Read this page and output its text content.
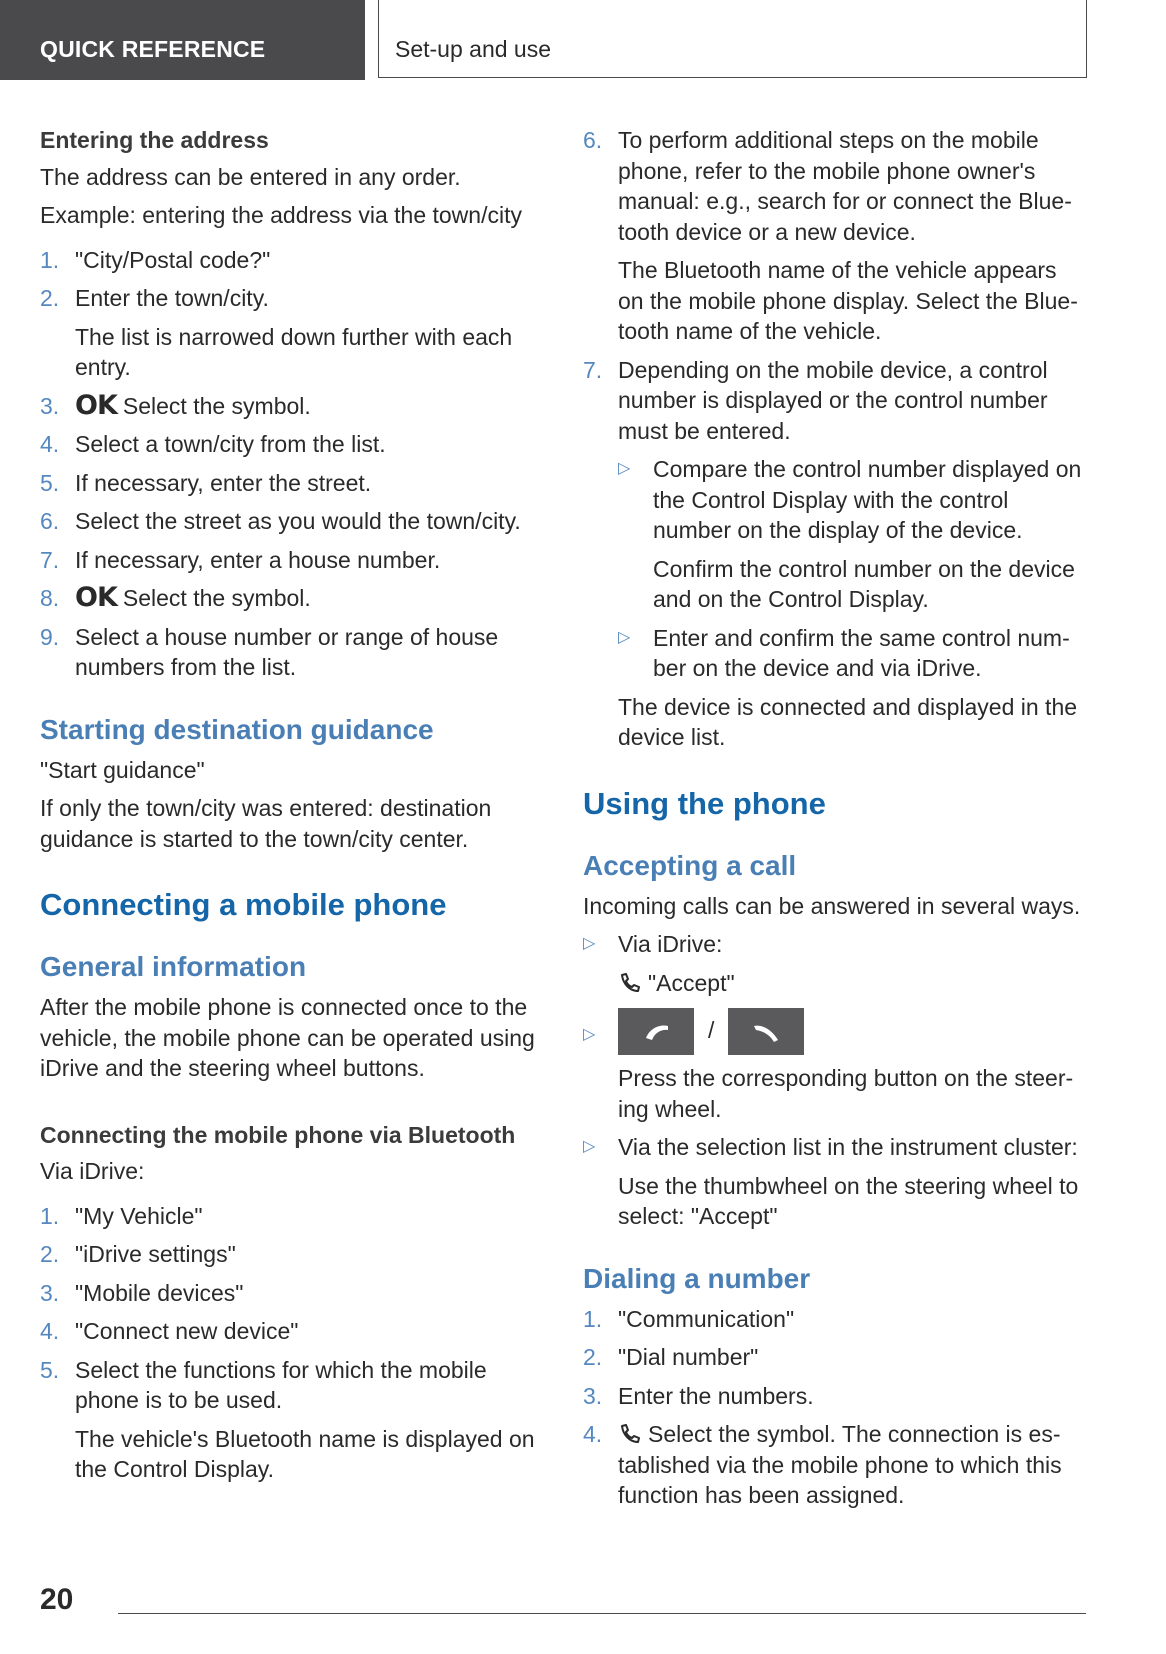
QUICK REFERENCE	Set-up and use
Entering the address

The address can be entered in any order.

Example: entering the address via the town/city

1. "City/Postal code?"
2. Enter the town/city.
The list is narrowed down further with each entry.
3. OK Select the symbol.
4. Select a town/city from the list.
5. If necessary, enter the street.
6. Select the street as you would the town/city.
7. If necessary, enter a house number.
8. OK Select the symbol.
9. Select a house number or range of house numbers from the list.
Starting destination guidance

"Start guidance"

If only the town/city was entered: destination guidance is started to the town/city center.

Connecting a mobile phone
General information

After the mobile phone is connected once to the vehicle, the mobile phone can be operated using iDrive and the steering wheel buttons.

Connecting the mobile phone via Bluetooth

Via iDrive:

1. "My Vehicle"
2. "iDrive settings"
3. "Mobile devices"
4. "Connect new device"
5. Select the functions for which the mobile phone is to be used.
The vehicle's Bluetooth name is displayed on the Control Display.
6. To perform additional steps on the mobile phone, refer to the mobile phone owner's manual: e.g., search for or connect the Blue-tooth device or a new device.
The Bluetooth name of the vehicle appears on the mobile phone display. Select the Blue-tooth name of the vehicle.
7. Depending on the mobile device, a control number is displayed or the control number must be entered.
▷ Compare the control number displayed on the Control Display with the control number on the display of the device.
Confirm the control number on the device and on the Control Display.
▷ Enter and confirm the same control num-ber on the device and via iDrive.
The device is connected and displayed in the device list.
Using the phone
Accepting a call

Incoming calls can be answered in several ways.

▷ Via iDrive:
"Accept"
▷	/
Press the corresponding button on the steer-ing wheel.
▷ Via the selection list in the instrument cluster:
Use the thumbwheel on the steering wheel to select: "Accept"
Dialing a number
1. "Communication"
2. "Dial number"
3. Enter the numbers.
4. Select the symbol. The connection is es-tablished via the mobile phone to which this function has been assigned.
20
